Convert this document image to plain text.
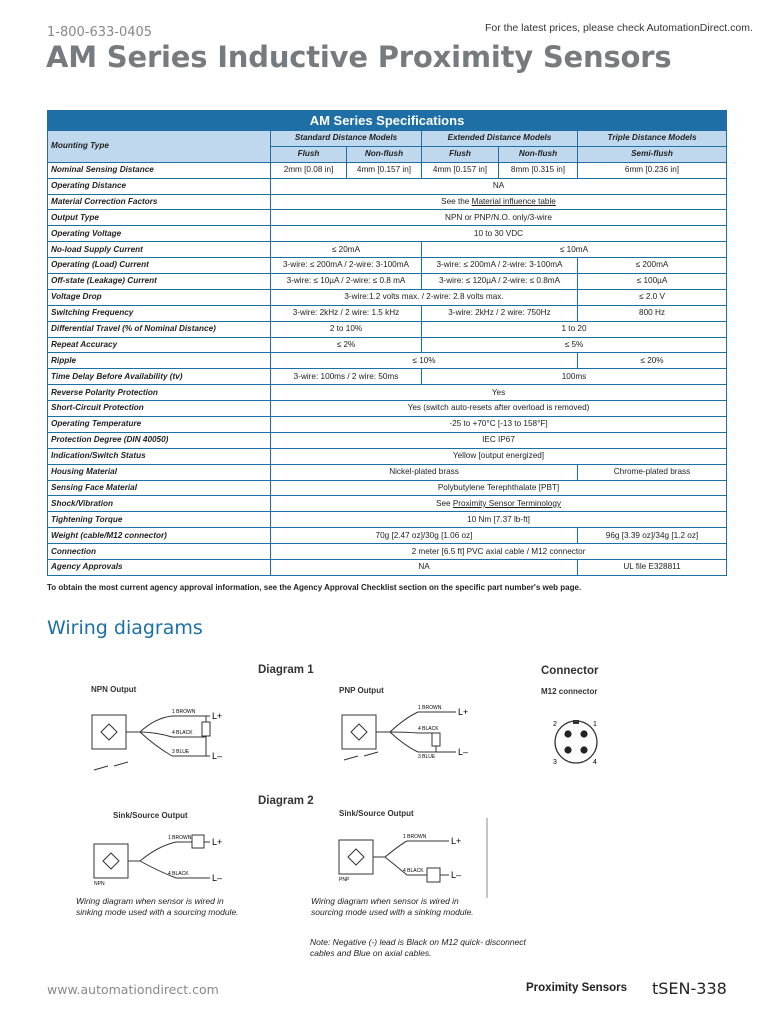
1-800-633-0405	For the latest prices, please check AutomationDirect.com.
AM Series Inductive Proximity Sensors
AM Series Specifications					
Mounting Type	Standard Distance Models		Extended Distance Models		Triple Distance Models
	Flush	Non-flush	Flush	Non-flush	Semi-flush
Nominal Sensing Distance	2mm [0.08 in]	4mm [0.157 in]	4mm [0.157 in]	8mm [0.315 in]	6mm [0.236 in]
Operating Distance	NA				
Material Correction Factors	See the Material influence table				
Output Type	NPN or PNP/N.O. only/3-wire				
Operating Voltage	10 to 30 VDC				
No-load Supply Current	≤ 20mA		≤ 10mA		
Operating (Load) Current	3-wire: ≤ 200mA / 2-wire: 3-100mA		3-wire: ≤ 200mA / 2-wire: 3-100mA		≤ 200mA
Off-state (Leakage) Current	3-wire: ≤ 10µA / 2-wire: ≤ 0.8 mA		3-wire: ≤ 120µA / 2-wire: ≤ 0.8mA		≤ 100µA
Voltage Drop	3-wire:1.2 volts max. / 2-wire: 2.8 volts max.				≤ 2.0 V
Switching Frequency	3-wire: 2kHz / 2 wire: 1.5 kHz		3-wire: 2kHz / 2 wire: 750Hz		800 Hz
Differential Travel (% of Nominal Distance)	2 to 10%		1 to 20		
Repeat Accuracy	≤ 2%		≤ 5%		
Ripple	≤ 10%				≤ 20%
Time Delay Before Availability (tv)	3-wire: 100ms / 2 wire: 50ms		100ms		
Reverse Polarity Protection	Yes				
Short-Circuit Protection	Yes (switch auto-resets after overload is removed)				
Operating Temperature	-25 to +70°C [-13 to 158°F]				
Protection Degree (DIN 40050)	IEC IP67				
Indication/Switch Status	Yellow [output energized]				
Housing Material	Nickel-plated brass				Chrome-plated brass
Sensing Face Material	Polybutylene Terephthalate [PBT]				
Shock/Vibration	See Proximity Sensor Terminology				
Tightening Torque	10 Nm [7.37 lb-ft]				
Weight (cable/M12 connector)	70g [2.47 oz]/30g [1.06 oz]				96g [3.39 oz]/34g [1.2 oz]
Connection	2 meter [6.5 ft] PVC axial cable / M12 connector				
Agency Approvals	NA				UL file E328811
To obtain the most current agency approval information, see the Agency Approval Checklist section on the specific part number's web page.
Wiring diagrams
Diagram 1	Connector
M12 connector
NPN Output	PNP Output
1 BROWN
4 BLACK
3 BLUE
L+
L–
1 BROWN
4 BLACK
3 BLUE
L+
L–
2	1
3	4
Diagram 2
Sink/Source Output	Sink/Source Output
1 BROWN
4 BLACK
L+
L–
NPN
1 BROWN
4 BLACK
L+
L–
PNP
Wiring diagram when sensor is wired in
sinking mode used with a sourcing module.
Wiring diagram when sensor is wired in
sourcing mode used with a sinking module.
Note: Negative (-) lead is Black on M12 quick- disconnect
cables and Blue on axial cables.
www.automationdirect.com	Proximity Sensors tSEN-338
